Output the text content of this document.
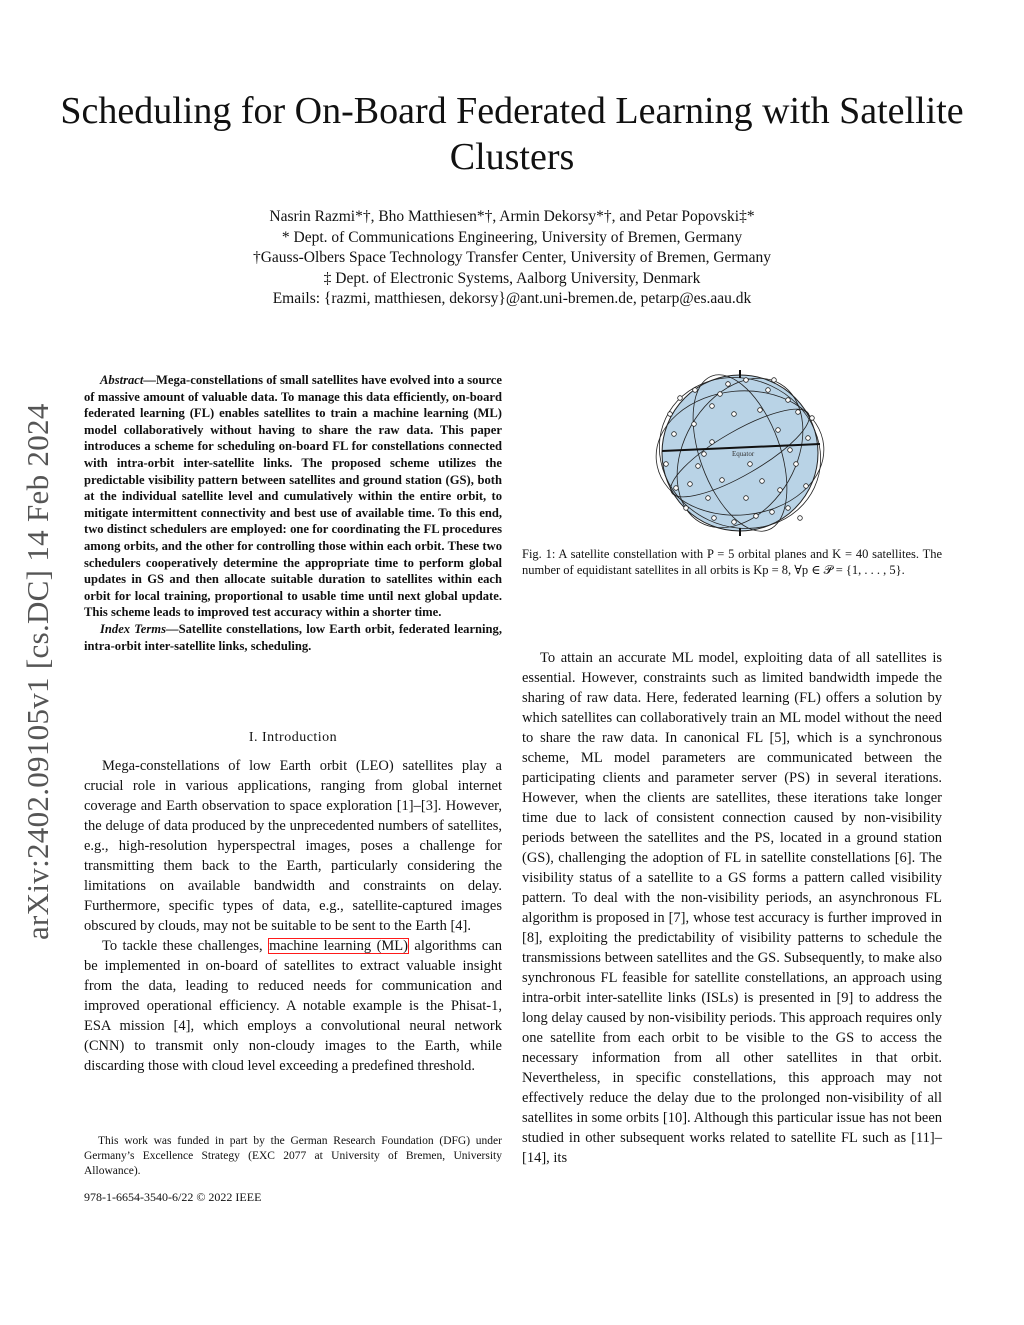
Scheduling for On-Board Federated Learning with Satellite Clusters
Nasrin Razmi*†, Bho Matthiesen*†, Armin Dekorsy*†, and Petar Popovski‡*
* Dept. of Communications Engineering, University of Bremen, Germany
†Gauss-Olbers Space Technology Transfer Center, University of Bremen, Germany
‡ Dept. of Electronic Systems, Aalborg University, Denmark
Emails: {razmi, matthiesen, dekorsy}@ant.uni-bremen.de, petarp@es.aau.dk
arXiv:2402.09105v1 [cs.DC] 14 Feb 2024

Abstract—Mega-constellations of small satellites have evolved into a source of massive amount of valuable data. To manage this data efficiently, on-board federated learning (FL) enables satellites to train a machine learning (ML) model collaboratively without having to share the raw data. This paper introduces a scheme for scheduling on-board FL for constellations connected with intra-orbit inter-satellite links. The proposed scheme utilizes the predictable visibility pattern between satellites and ground station (GS), both at the individual satellite level and cumulatively within the entire orbit, to mitigate intermittent connectivity and best use of available time. To this end, two distinct schedulers are employed: one for coordinating the FL procedures among orbits, and the other for controlling those within each orbit. These two schedulers cooperatively determine the appropriate time to perform global updates in GS and then allocate suitable duration to satellites within each orbit for local training, proportional to usable time until next global update. This scheme leads to improved test accuracy within a shorter time.

Index Terms—Satellite constellations, low Earth orbit, federated learning, intra-orbit inter-satellite links, scheduling.

I. Introduction

Mega-constellations of low Earth orbit (LEO) satellites play a crucial role in various applications, ranging from global internet coverage and Earth observation to space exploration [1]–[3]. However, the deluge of data produced by the unprecedented numbers of satellites, e.g., high-resolution hyperspectral images, poses a challenge for transmitting them back to the Earth, particularly considering the limitations on available bandwidth and constraints on delay. Furthermore, specific types of data, e.g., satellite-captured images obscured by clouds, may not be suitable to be sent to the Earth [4].

To tackle these challenges, machine learning (ML) algorithms can be implemented in on-board of satellites to extract valuable insight from the data, leading to reduced needs for communication and improved operational efficiency. A notable example is the Phisat-1, ESA mission [4], which employs a convolutional neural network (CNN) to transmit only non-cloudy images to the Earth, while discarding those with cloud level exceeding a predefined threshold.

This work was funded in part by the German Research Foundation (DFG) under Germany’s Excellence Strategy (EXC 2077 at University of Bremen, University Allowance).
978-1-6654-3540-6/22 © 2022 IEEE
Equator
Fig. 1: A satellite constellation with P = 5 orbital planes and K = 40 satellites. The number of equidistant satellites in all orbits is Kp = 8, ∀p ∈ 𝒫 = {1, . . . , 5}.

To attain an accurate ML model, exploiting data of all satellites is essential. However, constraints such as limited bandwidth impede the sharing of raw data. Here, federated learning (FL) offers a solution by which satellites can collaboratively train an ML model without the need to share the raw data. In canonical FL [5], which is a synchronous scheme, ML model parameters are communicated between the participating clients and parameter server (PS) in several iterations. However, when the clients are satellites, these iterations take longer time due to lack of consistent connection caused by non-visibility periods between the satellites and the PS, located in a ground station (GS), challenging the adoption of FL in satellite constellations [6]. The visibility status of a satellite to a GS forms a pattern called visibility pattern. To deal with the non-visibility periods, an asynchronous FL algorithm is proposed in [7], whose test accuracy is further improved in [8], exploiting the predictability of visibility patterns to schedule the transmissions between satellites and the GS. Subsequently, to make also synchronous FL feasible for satellite constellations, an approach using intra-orbit inter-satellite links (ISLs) is presented in [9] to address the long delay caused by non-visibility periods. This approach requires only one satellite from each orbit to be visible to the GS to access the necessary information from all other satellites in that orbit. Nevertheless, in specific constellations, this approach may not effectively reduce the delay due to the prolonged non-visibility of all satellites in some orbits [10]. Although this particular issue has not been studied in other subsequent works related to satellite FL such as [11]–[14], its
